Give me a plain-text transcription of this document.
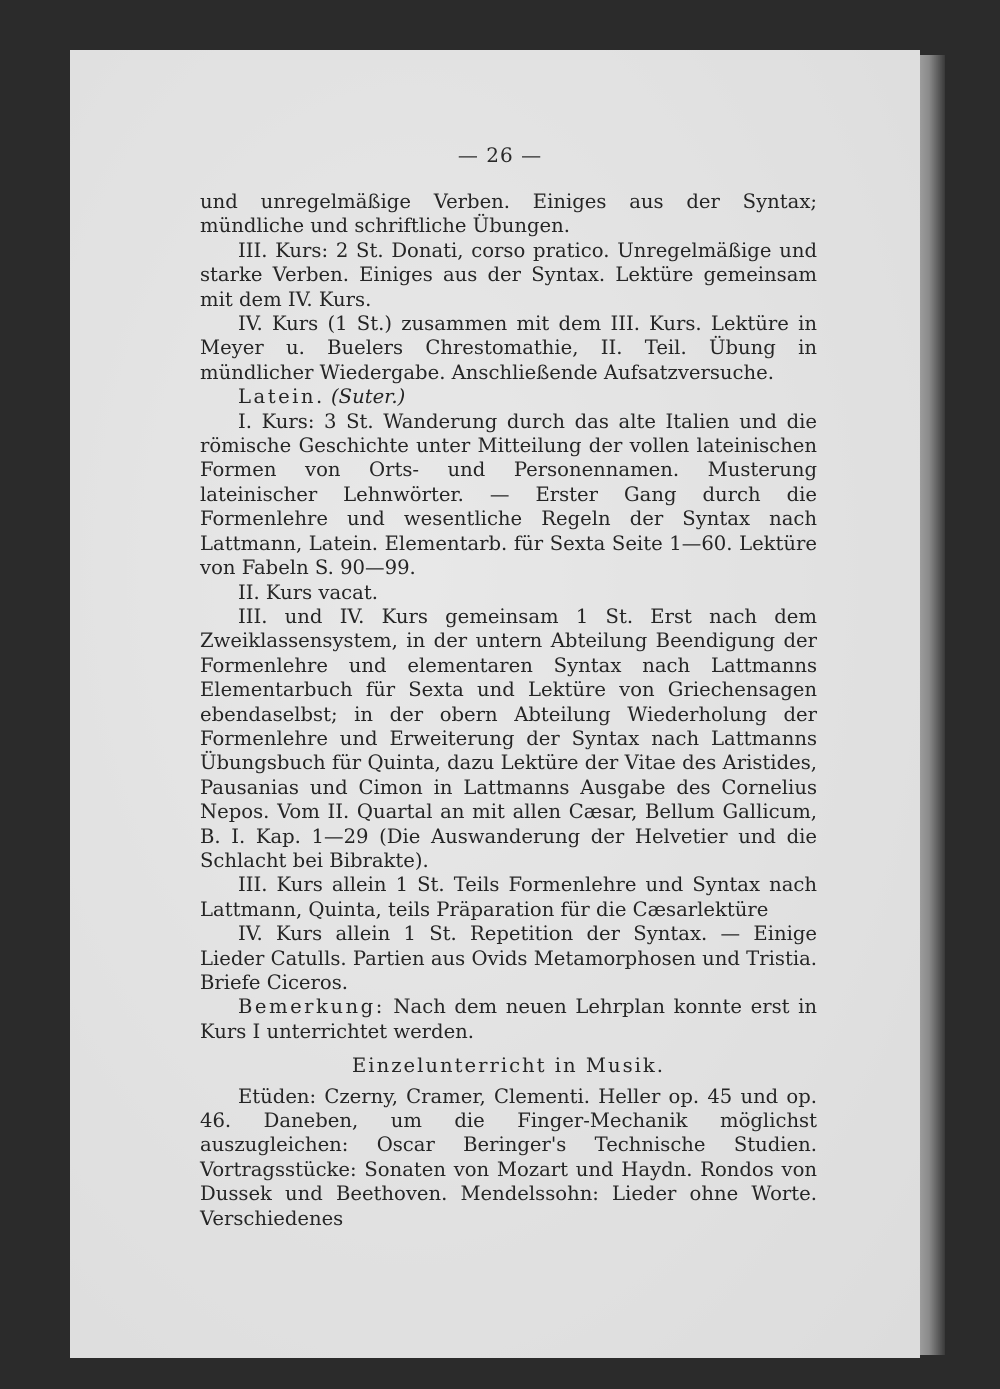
— 26 —

und unregelmäßige Verben. Einiges aus der Syntax; mündliche und schriftliche Übungen.

III. Kurs: 2 St. Donati, corso pratico. Unregelmäßige und starke Verben. Einiges aus der Syntax. Lektüre gemeinsam mit dem IV. Kurs.

IV. Kurs (1 St.) zusammen mit dem III. Kurs. Lektüre in Meyer u. Buelers Chrestomathie, II. Teil. Übung in mündlicher Wiedergabe. Anschließende Aufsatzversuche.

Latein. (Suter.)

I. Kurs: 3 St. Wanderung durch das alte Italien und die römische Geschichte unter Mitteilung der vollen lateinischen Formen von Orts- und Personennamen. Musterung lateinischer Lehnwörter. — Erster Gang durch die Formenlehre und wesentliche Regeln der Syntax nach Lattmann, Latein. Elementarb. für Sexta Seite 1—60. Lektüre von Fabeln S. 90—99.

II. Kurs vacat.

III. und IV. Kurs gemeinsam 1 St. Erst nach dem Zweiklassensystem, in der untern Abteilung Beendigung der Formenlehre und elementaren Syntax nach Lattmanns Elementarbuch für Sexta und Lektüre von Griechensagen ebendaselbst; in der obern Abteilung Wiederholung der Formenlehre und Erweiterung der Syntax nach Lattmanns Übungsbuch für Quinta, dazu Lektüre der Vitae des Aristides, Pausanias und Cimon in Lattmanns Ausgabe des Cornelius Nepos. Vom II. Quartal an mit allen Cæsar, Bellum Gallicum, B. I. Kap. 1—29 (Die Auswanderung der Helvetier und die Schlacht bei Bibrakte).

III. Kurs allein 1 St. Teils Formenlehre und Syntax nach Lattmann, Quinta, teils Präparation für die Cæsarlektüre

IV. Kurs allein 1 St. Repetition der Syntax. — Einige Lieder Catulls. Partien aus Ovids Metamorphosen und Tristia. Briefe Ciceros.

Bemerkung: Nach dem neuen Lehrplan konnte erst in Kurs I unterrichtet werden.

Einzelunterricht in Musik.

Etüden: Czerny, Cramer, Clementi. Heller op. 45 und op. 46. Daneben, um die Finger-Mechanik möglichst auszugleichen: Oscar Beringer's Technische Studien. Vortragsstücke: Sonaten von Mozart und Haydn. Rondos von Dussek und Beethoven. Mendelssohn: Lieder ohne Worte. Verschiedenes
